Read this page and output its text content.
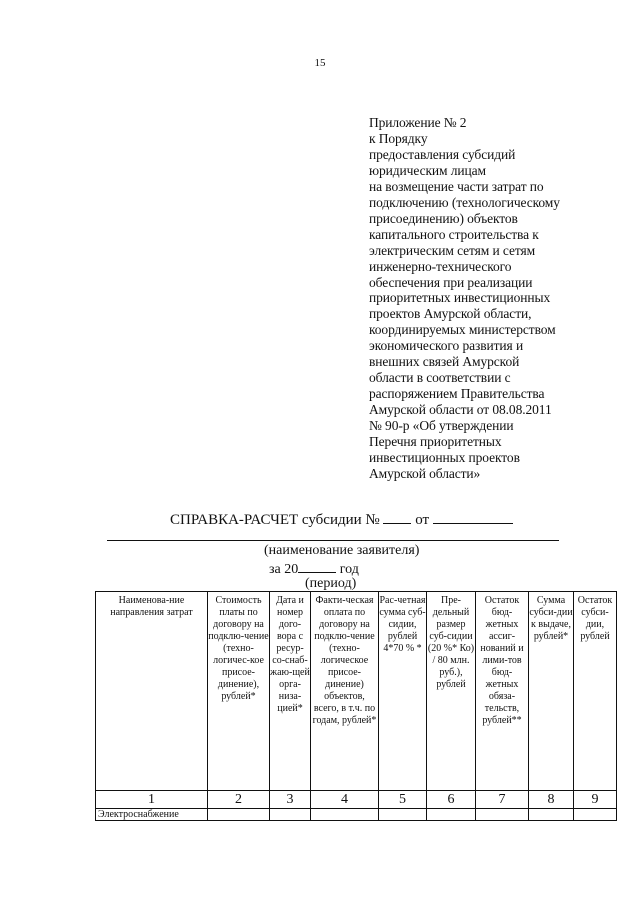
15
Приложение № 2
к Порядку
предоставления субсидий
юридическим лицам
на возмещение части затрат по
подключению (технологическому
присоединению) объектов
капитального строительства к
электрическим сетям и сетям
инженерно-технического
обеспечения при реализации
приоритетных инвестиционных
проектов Амурской области,
координируемых министерством
экономического развития и
внешних связей Амурской
области в соответствии с
распоряжением Правительства
Амурской области от 08.08.2011
№ 90-р «Об утверждении
Перечня приоритетных
инвестиционных проектов
Амурской области»
СПРАВКА-РАСЧЕТ субсидии № от
(наименование заявителя)
за 20	год
(период)
Наименова-ние направления затрат	Стоимость платы по договору на подклю-чение (техно-логичес-кое присое-динение), рублей*	Дата и номер дого-вора с ресур-со-снаб-жаю-щей орга-низа-цией*	Факти-ческая оплата по договору на подклю-чение (техно-логическое присое-динение) объектов, всего, в т.ч. по годам, рублей*	Рас-четная сумма суб-сидии, рублей 4*70 % *	Пре-дельный размер суб-сидии (20 %* Ко) / 80 млн. руб.), рублей	Остаток бюд-жетных ассиг-нований и лими-тов бюд-жетных обяза-тельств, рублей**	Сумма субси-дии к выдаче, рублей*	Остаток субси-дии, рублей
1	2	3	4	5	6	7	8	9
Электроснабжение								
